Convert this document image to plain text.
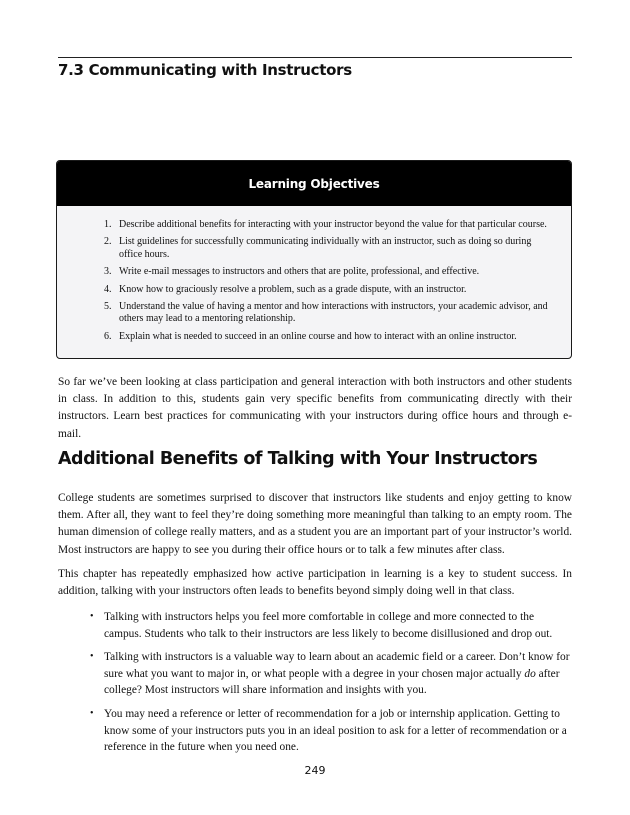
7.3 Communicating with Instructors
Learning Objectives
1. Describe additional benefits for interacting with your instructor beyond the value for that particular course.
2. List guidelines for successfully communicating individually with an instructor, such as doing so during office hours.
3. Write e-mail messages to instructors and others that are polite, professional, and effective.
4. Know how to graciously resolve a problem, such as a grade dispute, with an instructor.
5. Understand the value of having a mentor and how interactions with instructors, your academic advisor, and others may lead to a mentoring relationship.
6. Explain what is needed to succeed in an online course and how to interact with an online instructor.

So far we’ve been looking at class participation and general interaction with both instructors and other students in class. In addition to this, students gain very specific benefits from communicating directly with their instructors. Learn best practices for communicating with your instructors during office hours and through e-mail.

Additional Benefits of Talking with Your Instructors

College students are sometimes surprised to discover that instructors like students and enjoy getting to know them. After all, they want to feel they’re doing something more meaningful than talking to an empty room. The human dimension of college really matters, and as a student you are an important part of your instructor’s world. Most instructors are happy to see you during their office hours or to talk a few minutes after class.

This chapter has repeatedly emphasized how active participation in learning is a key to student success. In addition, talking with your instructors often leads to benefits beyond simply doing well in that class.

• Talking with instructors helps you feel more comfortable in college and more connected to the campus. Students who talk to their instructors are less likely to become disillusioned and drop out.
• Talking with instructors is a valuable way to learn about an academic field or a career. Don’t know for sure what you want to major in, or what people with a degree in your chosen major actually do after college? Most instructors will share information and insights with you.
• You may need a reference or letter of recommendation for a job or internship application. Getting to know some of your instructors puts you in an ideal position to ask for a letter of recommendation or a reference in the future when you need one.
249
